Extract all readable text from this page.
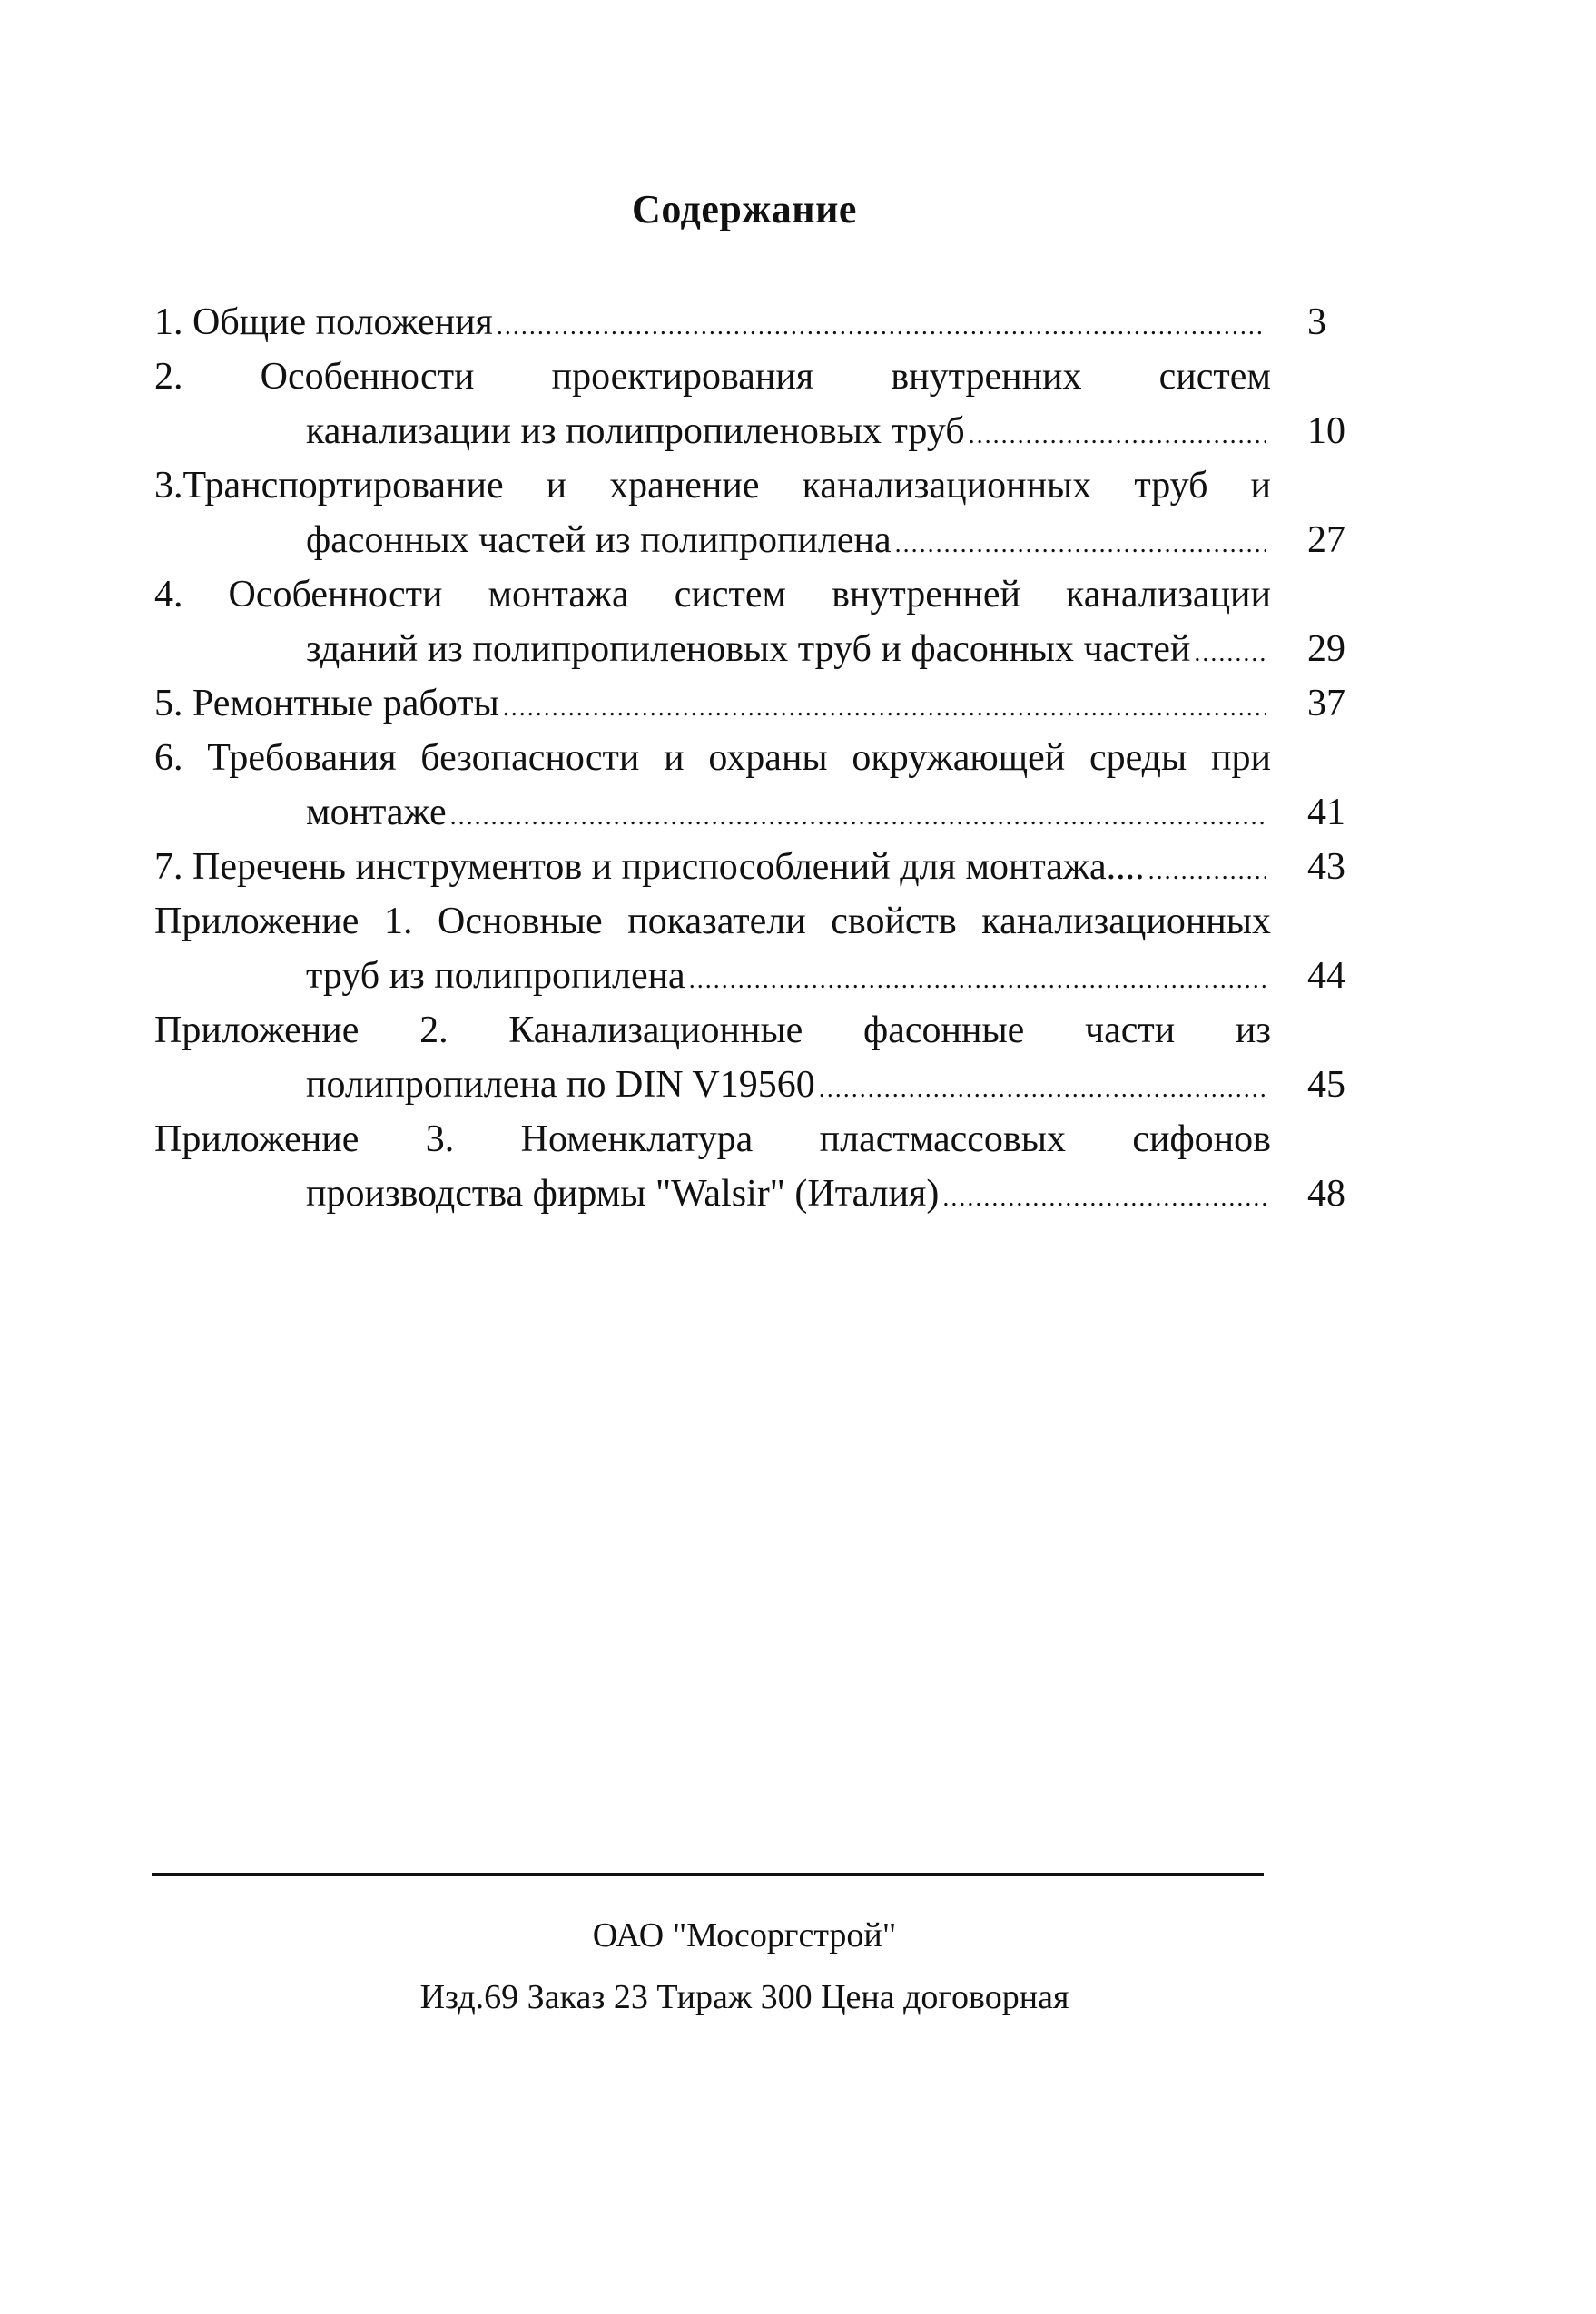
Содержание
1. Общие положения .....	3
2. Особенности проектирования внутренних систем
канализации из полипропиленовых труб .....	10
3.Транспортирование и хранение канализационных труб и
фасонных частей из полипропилена .....	27
4. Особенности монтажа систем внутренней канализации
зданий из полипропиленовых труб и фасонных частей .....	29
5. Ремонтные работы .....	37
6. Требования безопасности и охраны окружающей среды при
монтаже .....	41
7. Перечень инструментов и приспособлений для монтажа.... .....	43
Приложение 1. Основные показатели свойств канализационных
труб из полипропилена .....	44
Приложение 2. Канализационные фасонные части из
полипропилена по DIN V19560 .....	45
Приложение 3. Номенклатура пластмассовых сифонов
производства фирмы "Walsir" (Италия) .....	48
ОАО "Мосоргстрой"
Изд.69 Заказ 23 Тираж 300 Цена договорная
